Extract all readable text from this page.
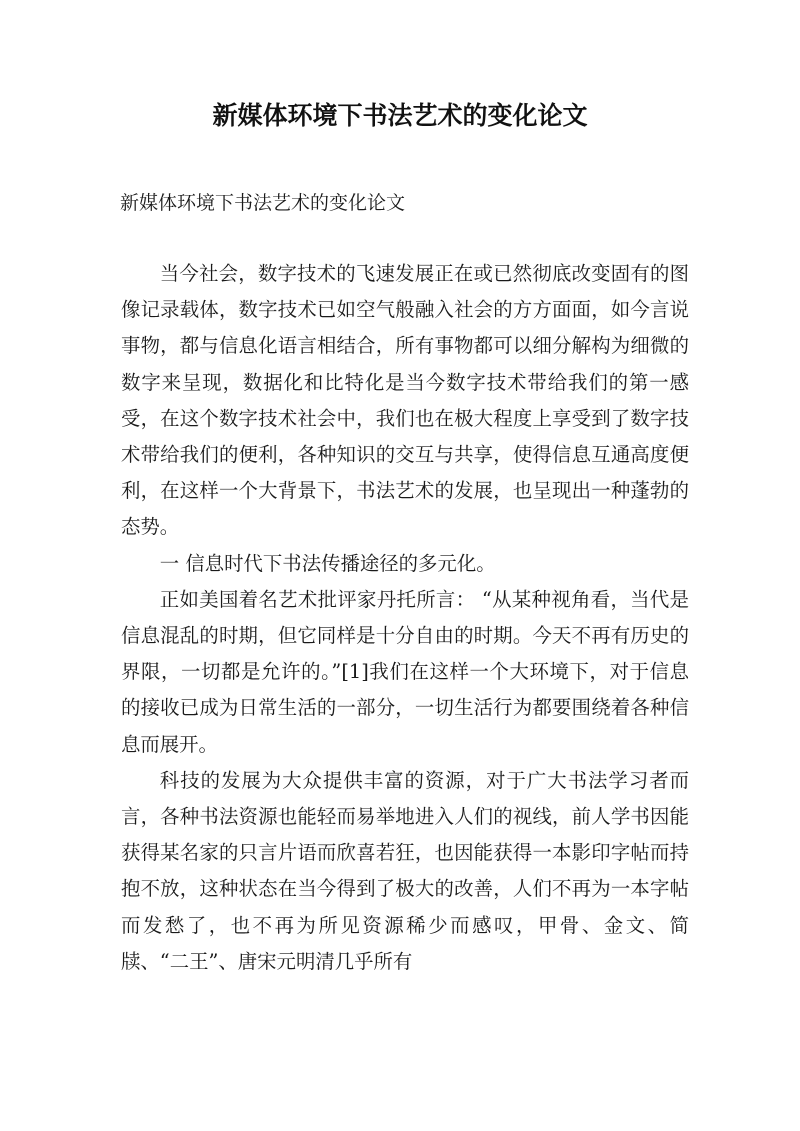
新媒体环境下书法艺术的变化论文
新媒体环境下书法艺术的变化论文

当今社会，数字技术的飞速发展正在或已然彻底改变固有的图像记录载体，数字技术已如空气般融入社会的方方面面，如今言说事物，都与信息化语言相结合，所有事物都可以细分解构为细微的数字来呈现，数据化和比特化是当今数字技术带给我们的第一感受，在这个数字技术社会中，我们也在极大程度上享受到了数字技术带给我们的便利，各种知识的交互与共享，使得信息互通高度便利，在这样一个大背景下，书法艺术的发展，也呈现出一种蓬勃的态势。

一 信息时代下书法传播途径的多元化。

正如美国着名艺术批评家丹托所言： “从某种视角看，当代是信息混乱的时期，但它同样是十分自由的时期。今天不再有历史的界限，一切都是允许的。”[1]我们在这样一个大环境下，对于信息的接收已成为日常生活的一部分，一切生活行为都要围绕着各种信息而展开。

科技的发展为大众提供丰富的资源，对于广大书法学习者而言，各种书法资源也能轻而易举地进入人们的视线，前人学书因能获得某名家的只言片语而欣喜若狂，也因能获得一本影印字帖而持抱不放，这种状态在当今得到了极大的改善，人们不再为一本字帖而发愁了，也不再为所见资源稀少而感叹，甲骨、金文、简牍、“二王”、唐宋元明清几乎所有
